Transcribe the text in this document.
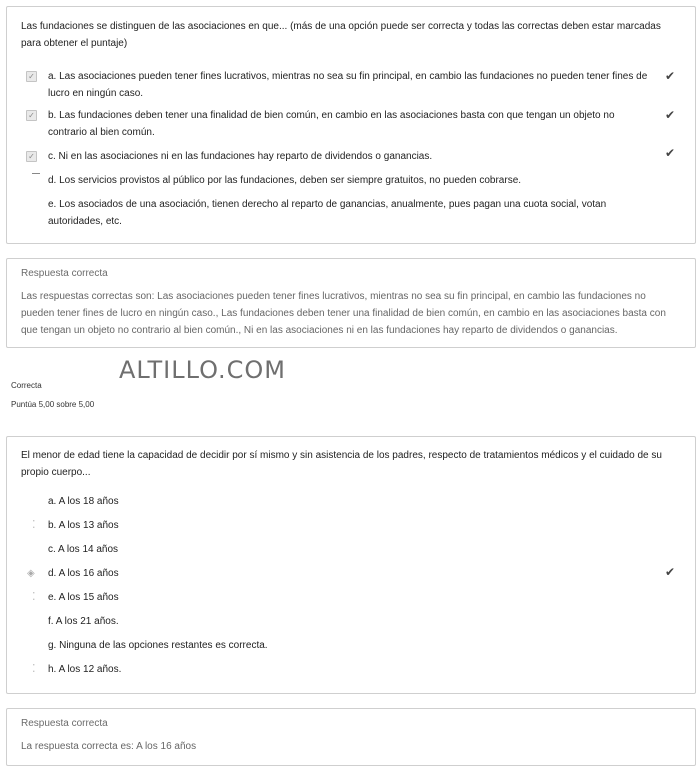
Las fundaciones se distinguen de las asociaciones en que... (más de una opción puede ser correcta y todas las correctas deben estar marcadas para obtener el puntaje)
✓ a. Las asociaciones pueden tener fines lucrativos, mientras no sea su fin principal, en cambio las fundaciones no pueden tener fines de lucro en ningún caso.
✔
✓ b. Las fundaciones deben tener una finalidad de bien común, en cambio en las asociaciones basta con que tengan un objeto no contrario al bien común.
✔
✓ c. Ni en las asociaciones ni en las fundaciones hay reparto de dividendos o ganancias.	✔
d. Los servicios provistos al público por las fundaciones, deben ser siempre gratuitos, no pueden cobrarse.
e. Los asociados de una asociación, tienen derecho al reparto de ganancias, anualmente, pues pagan una cuota social, votan autoridades, etc.
Respuesta correcta
Las respuestas correctas son: Las asociaciones pueden tener fines lucrativos, mientras no sea su fin principal, en cambio las fundaciones no pueden tener fines de lucro en ningún caso., Las fundaciones deben tener una finalidad de bien común, en cambio en las asociaciones basta con que tengan un objeto no contrario al bien común., Ni en las asociaciones ni en las fundaciones hay reparto de dividendos o ganancias.
ALTILLO.COM
Correcta
Puntúa 5,00 sobre 5,00
El menor de edad tiene la capacidad de decidir por sí mismo y sin asistencia de los padres, respecto de tratamientos médicos y el cuidado de su propio cuerpo...
a. A los 18 años
⁚ b. A los 13 años
c. A los 14 años
◈ d. A los 16 años	✔
⁚ e. A los 15 años
f. A los 21 años.
g. Ninguna de las opciones restantes es correcta.
⁚ h. A los 12 años.
Respuesta correcta
La respuesta correcta es: A los 16 años
